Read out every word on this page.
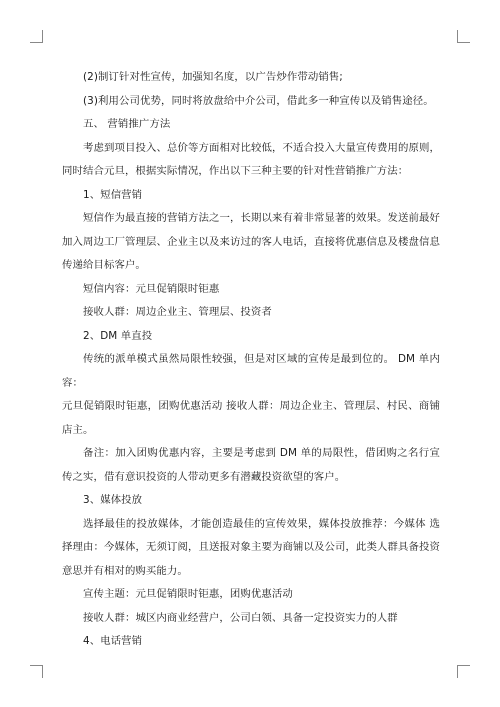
(2)制订针对性宣传，加强知名度，以广告炒作带动销售;

(3)利用公司优势，同时将放盘给中介公司，借此多一种宣传以及销售途径。

五、 营销推广方法

考虑到项目投入、总价等方面相对比较低，不适合投入大量宣传费用的原则，同时结合元旦，根据实际情况，作出以下三种主要的针对性营销推广方法：

1、短信营销

短信作为最直接的营销方法之一，长期以来有着非常显著的效果。发送前最好加入周边工厂管理层、企业主以及来访过的客人电话，直接将优惠信息及楼盘信息传递给目标客户。

短信内容：元旦促销限时钜惠

接收人群：周边企业主、管理层、投资者

2、DM 单直投

传统的派单模式虽然局限性较强，但是对区域的宣传是最到位的。 DM 单内容：

元旦促销限时钜惠，团购优惠活动 接收人群：周边企业主、管理层、村民、商铺店主。

备注：加入团购优惠内容，主要是考虑到 DM 单的局限性，借团购之名行宣传之实，借有意识投资的人带动更多有潜藏投资欲望的客户。

3、媒体投放

选择最佳的投放媒体，才能创造最佳的宣传效果，媒体投放推荐：今媒体 选择理由：今媒体，无须订阅，且送报对象主要为商铺以及公司，此类人群具备投资意思并有相对的购买能力。

宣传主题：元旦促销限时钜惠，团购优惠活动

接收人群：城区内商业经营户，公司白领、具备一定投资实力的人群

4、电话营销
